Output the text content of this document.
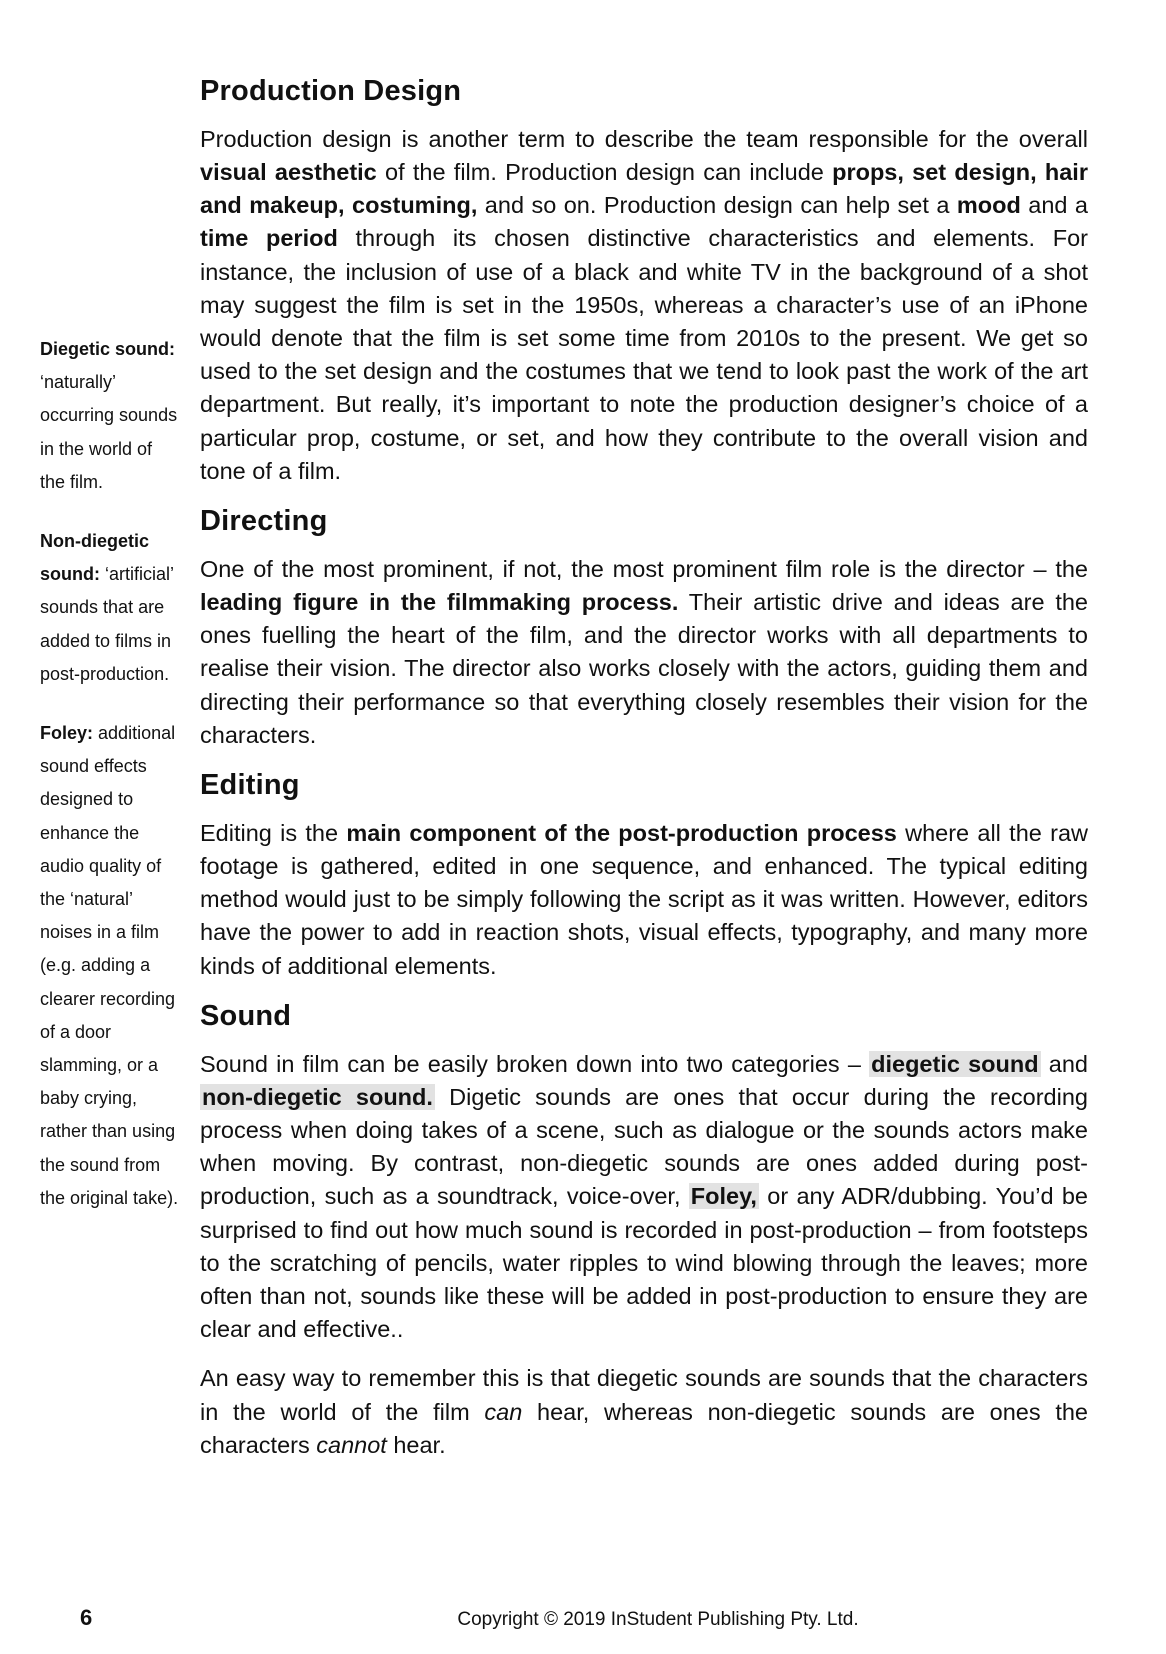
Diegetic sound: ‘naturally’ occurring sounds in the world of the film.
Non-diegetic sound: ‘artificial’ sounds that are added to films in post-production.
Foley: additional sound effects designed to enhance the audio quality of the ‘natural’ noises in a film (e.g. adding a clearer recording of a door slamming, or a baby crying, rather than using the sound from the original take).
Production Design

Production design is another term to describe the team responsible for the overall visual aesthetic of the film. Production design can include props, set design, hair and makeup, costuming, and so on. Production design can help set a mood and a time period through its chosen distinctive characteristics and elements. For instance, the inclusion of use of a black and white TV in the background of a shot may suggest the film is set in the 1950s, whereas a character’s use of an iPhone would denote that the film is set some time from 2010s to the present. We get so used to the set design and the costumes that we tend to look past the work of the art department. But really, it’s important to note the production designer’s choice of a particular prop, costume, or set, and how they contribute to the overall vision and tone of a film.

Directing

One of the most prominent, if not, the most prominent film role is the director – the leading figure in the filmmaking process. Their artistic drive and ideas are the ones fuelling the heart of the film, and the director works with all departments to realise their vision. The director also works closely with the actors, guiding them and directing their performance so that everything closely resembles their vision for the characters.

Editing

Editing is the main component of the post-production process where all the raw footage is gathered, edited in one sequence, and enhanced. The typical editing method would just to be simply following the script as it was written. However, editors have the power to add in reaction shots, visual effects, typography, and many more kinds of additional elements.

Sound

Sound in film can be easily broken down into two categories – diegetic sound and non-diegetic sound. Digetic sounds are ones that occur during the recording process when doing takes of a scene, such as dialogue or the sounds actors make when moving. By contrast, non-diegetic sounds are ones added during post-production, such as a soundtrack, voice-over, Foley, or any ADR/dubbing. You’d be surprised to find out how much sound is recorded in post-production – from footsteps to the scratching of pencils, water ripples to wind blowing through the leaves; more often than not, sounds like these will be added in post-production to ensure they are clear and effective..

An easy way to remember this is that diegetic sounds are sounds that the characters in the world of the film can hear, whereas non-diegetic sounds are ones the characters cannot hear.

6	Copyright © 2019 InStudent Publishing Pty. Ltd.
